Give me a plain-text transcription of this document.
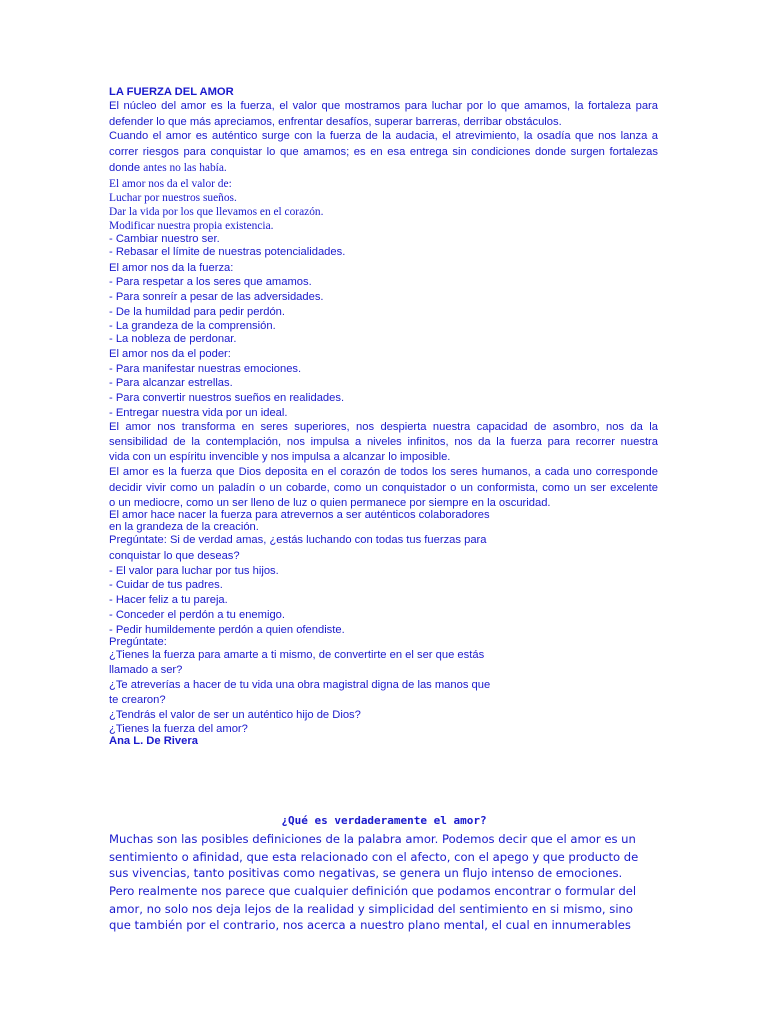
LA FUERZA DEL AMOR
El núcleo del amor es la fuerza, el valor que mostramos para luchar por lo que amamos, la fortaleza para
defender lo que más apreciamos, enfrentar desafíos, superar barreras, derribar obstáculos.
Cuando el amor es auténtico surge con la fuerza de la audacia, el atrevimiento, la osadía que nos lanza a
correr riesgos para conquistar lo que amamos; es en esa entrega sin condiciones donde surgen fortalezas
donde antes no las había.
El amor nos da el valor de:
Luchar por nuestros sueños.
Dar la vida por los que llevamos en el corazón.
Modificar nuestra propia existencia.
- Cambiar nuestro ser.
- Rebasar el límite de nuestras potencialidades.
El amor nos da la fuerza:
- Para respetar a los seres que amamos.
- Para sonreír a pesar de las adversidades.
- De la humildad para pedir perdón.
- La grandeza de la comprensión.
- La nobleza de perdonar.
El amor nos da el poder:
- Para manifestar nuestras emociones.
- Para alcanzar estrellas.
- Para convertir nuestros sueños en realidades.
- Entregar nuestra vida por un ideal.
El amor nos transforma en seres superiores, nos despierta nuestra capacidad de asombro, nos da la
sensibilidad de la contemplación, nos impulsa a niveles infinitos, nos da la fuerza para recorrer nuestra
vida con un espíritu invencible y nos impulsa a alcanzar lo imposible.
El amor es la fuerza que Dios deposita en el corazón de todos los seres humanos, a cada uno corresponde
decidir vivir como un paladín o un cobarde, como un conquistador o un conformista, como un ser excelente
o un mediocre, como un ser lleno de luz o quien permanece por siempre en la oscuridad.
El amor hace nacer la fuerza para atrevernos a ser auténticos colaboradores
en la grandeza de la creación.
Pregúntate: Si de verdad amas, ¿estás luchando con todas tus fuerzas para
conquistar lo que deseas?
- El valor para luchar por tus hijos.
- Cuidar de tus padres.
- Hacer feliz a tu pareja.
- Conceder el perdón a tu enemigo.
- Pedir humildemente perdón a quien ofendiste.
Pregúntate:
¿Tienes la fuerza para amarte a ti mismo, de convertirte en el ser que estás
llamado a ser?
¿Te atreverías a hacer de tu vida una obra magistral digna de las manos que
te crearon?
¿Tendrás el valor de ser un auténtico hijo de Dios?
¿Tienes la fuerza del amor?
Ana L. De Rivera
¿Qué es verdaderamente el amor?
Muchas son las posibles definiciones de la palabra amor. Podemos decir que el amor es un
sentimiento o afinidad, que esta relacionado con el afecto, con el apego y que producto de
sus vivencias, tanto positivas como negativas, se genera un flujo intenso de emociones.
Pero realmente nos parece que cualquier definición que podamos encontrar o formular del
amor, no solo nos deja lejos de la realidad y simplicidad del sentimiento en si mismo, sino
que también por el contrario, nos acerca a nuestro plano mental, el cual en innumerables
